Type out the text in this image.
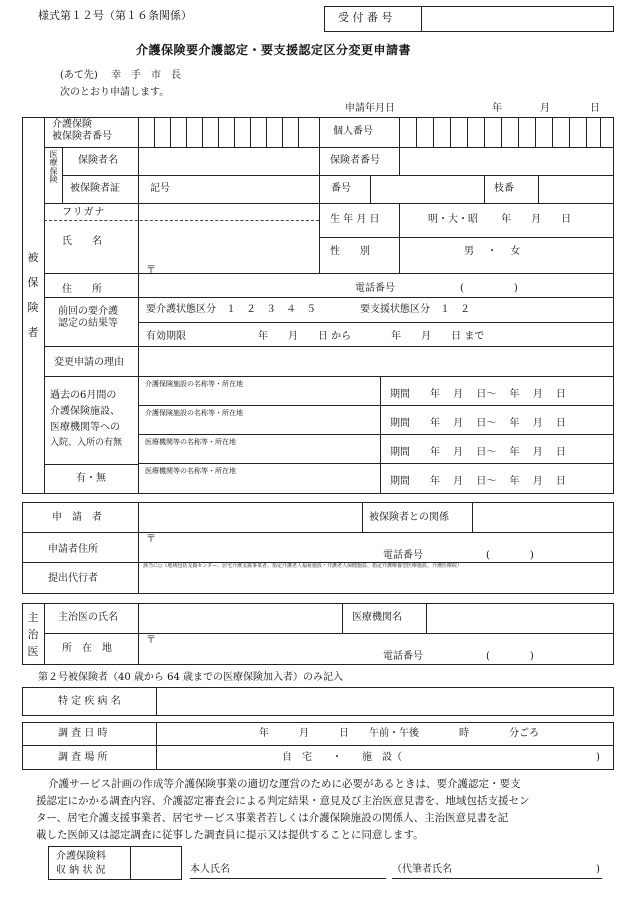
様式第１２号（第１６条関係）	受 付 番 号
介護保険要介護認定・要支援認定区分変更申請書
(あて先)　 幸　手　市　長
次のとおり申請します。
申請年月日	年	月	日
被
保
険
者
介護保険
被保険者番号	個人番号
医
療
保
険
保険者名	保険者番号
被保険者証	記号	番号	枝番
フリガナ
生 年 月 日	明・大・昭　　 年　　月　　日
氏　　名
性　　別	男　 ・　 女
住　　所
〒
電話番号	(　　　　　)
前回の要介護
認定の結果等
要介護状態区分　１　２　３　４　５	要支援状態区分　１　２
有効期限	年　　月　　日 から　　　　年　　月　　日 まで
変更申請の理由
過去の6月間の
介護保険施設、
医療機関等への
入院、入所の有無
有・無
介護保険施設の名称等・所在地
期間　　年　 月　 日～　 年　 月　 日
介護保険施設の名称等・所在地
期間　　年　 月　 日～　 年　 月　 日
医療機関等の名称等・所在地
期間　　年　 月　 日～　 年　 月　 日
医療機関等の名称等・所在地
期間　　年　 月　 日～　 年　 月　 日
申　請　者	被保険者との関係
申請者住所
〒
電話番号	(　　　　)
提出代行者
該当に○（地域包括支援センター、居宅介護支援事業者、指定介護老人福祉施設・介護老人保健施設、指定介護療養型医療施設、介護医療院）
主
治
医
主治医の氏名	医療機関名
所　在　地
〒
電話番号	(　　　　)
第２号被保険者（40 歳から 64 歳までの医療保険加入者）のみ記入
特 定 疾 病 名
調 査 日 時	年　　　月　　　日　　午前・午後　　　　時　　　　分ごろ
調 査 場 所	自　宅　　・　　施　設（	)
介護サービス計画の作成等介護保険事業の適切な運営のために必要があるときは、要介護認定・要支
援認定にかかる調査内容、介護認定審査会による判定結果・意見及び主治医意見書を、地域包括支援セン
ター、居宅介護支援事業者、居宅サービス事業者若しくは介護保険施設の関係人、主治医意見書を記
載した医師又は認定調査に従事した調査員に提示又は提供することに同意します。
介護保険料
収 納 状 況	本人氏名	（代筆者氏名	)
